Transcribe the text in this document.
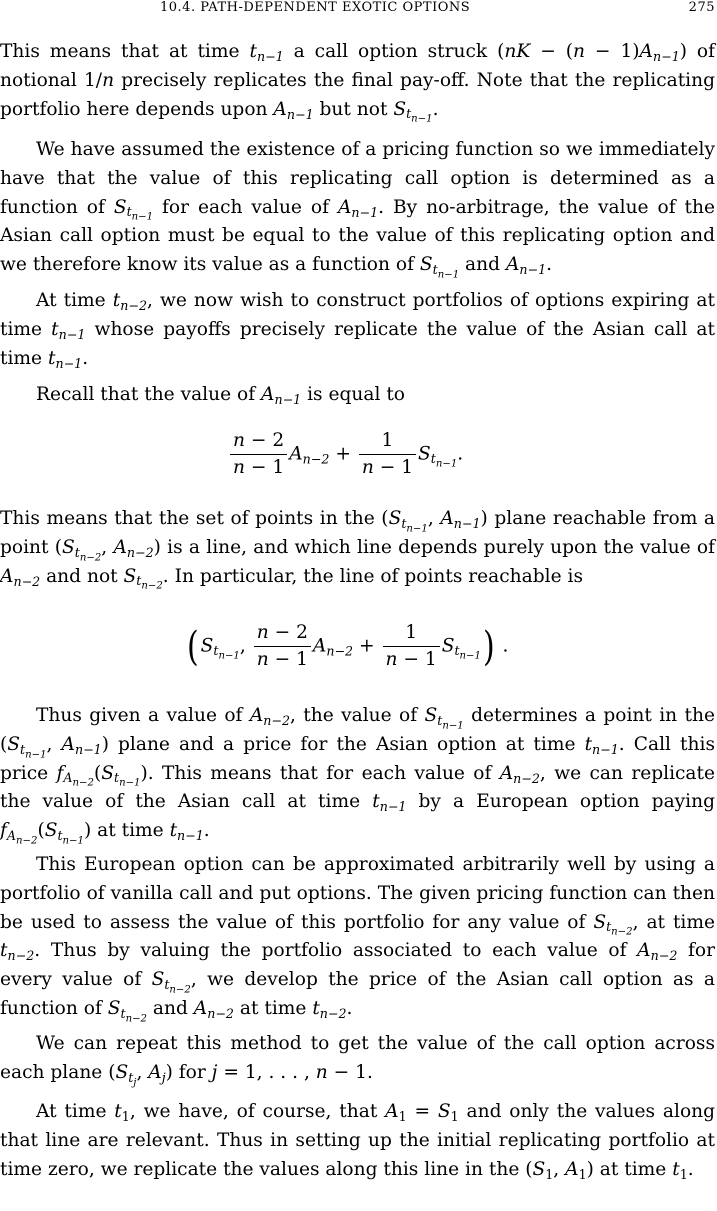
10.4. PATH-DEPENDENT EXOTIC OPTIONS	275
This means that at time $t_{n-1}$ a call option struck $(nK - (n - 1)A_{n-1})$ of notional 1/n precisely replicates the final pay-off. Note that the replicating portfolio here depends upon $A_{n-1}$ but not $S_{t_{n-1}}$.
We have assumed the existence of a pricing function so we immediately have that the value of this replicating call option is determined as a function of $S_{t_{n-1}}$ for each value of $A_{n-1}$. By no-arbitrage, the value of the Asian call option must be equal to the value of this replicating option and we therefore know its value as a function of $S_{t_{n-1}}$ and $A_{n-1}$.
At time $t_{n-2}$, we now wish to construct portfolios of options expiring at time $t_{n-1}$ whose payoffs precisely replicate the value of the Asian call at time $t_{n-1}$.
Recall that the value of $A_{n-1}$ is equal to
$\frac{n - 2}{n - 1} A_{n-2} + \frac{1}{n - 1} S_{t_{n-1}}$.
This means that the set of points in the ($S_{t_{n-1}}$, $A_{n-1}$) plane reachable from a point ($S_{t_{n-2}}$, $A_{n-2}$) is a line, and which line depends purely upon the value of $A_{n-2}$ and not $S_{t_{n-2}}$. In particular, the line of points reachable is
( $S_{t_{n-1}}$, $\frac{n - 2}{n - 1} A_{n-2} + \frac{1}{n - 1} S_{t_{n-1}}$) .
Thus given a value of $A_{n-2}$, the value of $S_{t_{n-1}}$ determines a point in the ($S_{t_{n-1}}$, $A_{n-1}$) plane and a price for the Asian option at time $t_{n-1}$. Call this price $f_{A_{n-2}}(S_{t_{n-1}})$. This means that for each value of $A_{n-2}$, we can replicate the value of the Asian call at time $t_{n-1}$ by a European option paying $f_{A_{n-2}}(S_{t_{n-1}})$ at time $t_{n-1}$.
This European option can be approximated arbitrarily well by using a portfolio of vanilla call and put options. The given pricing function can then be used to assess the value of this portfolio for any value of $S_{t_{n-2}}$, at time $t_{n-2}$. Thus by valuing the portfolio associated to each value of $A_{n-2}$ for every value of $S_{t_{n-2}}$, we develop the price of the Asian call option as a function of $S_{t_{n-2}}$ and $A_{n-2}$ at time $t_{n-2}$.
We can repeat this method to get the value of the call option across each plane ($S_{t_j}$, $A_j$) for j = 1, . . . , n − 1.
At time $t_1$, we have, of course, that $A_1 = S_1$ and only the values along that line are relevant. Thus in setting up the initial replicating portfolio at time zero, we replicate the values along this line in the ($S_1$, $A_1$) at time $t_1$.
